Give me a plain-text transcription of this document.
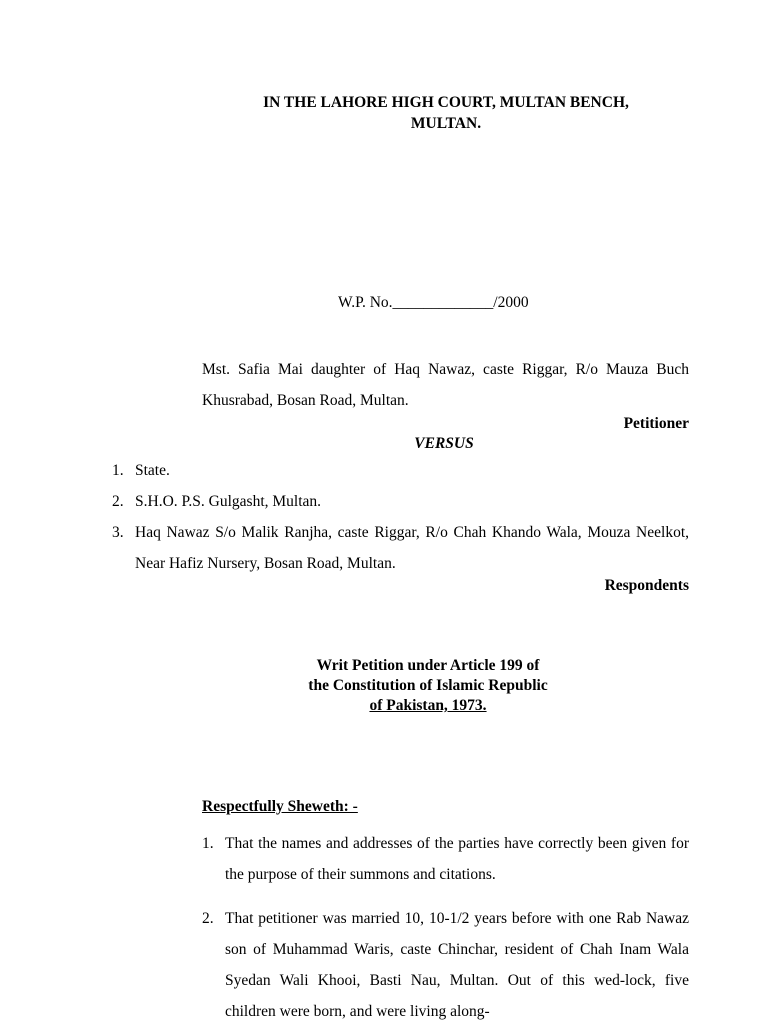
IN THE LAHORE HIGH COURT, MULTAN BENCH,
MULTAN.
W.P. No._____________/2000
Mst. Safia Mai daughter of Haq Nawaz, caste Riggar, R/o Mauza Buch Khusrabad, Bosan Road, Multan.
Petitioner
VERSUS
1. State.
2. S.H.O. P.S. Gulgasht, Multan.
3. Haq Nawaz S/o Malik Ranjha, caste Riggar, R/o Chah Khando Wala, Mouza Neelkot, Near Hafiz Nursery, Bosan Road, Multan.
Respondents
Writ Petition under Article 199 of
the Constitution of Islamic Republic
of Pakistan, 1973.
Respectfully Sheweth: -
1. That the names and addresses of the parties have correctly been given for the purpose of their summons and citations.
2. That petitioner was married 10, 10-1/2 years before with one Rab Nawaz son of Muhammad Waris, caste Chinchar, resident of Chah Inam Wala Syedan Wali Khooi, Basti Nau, Multan. Out of this wed-lock, five children were born, and were living along-
